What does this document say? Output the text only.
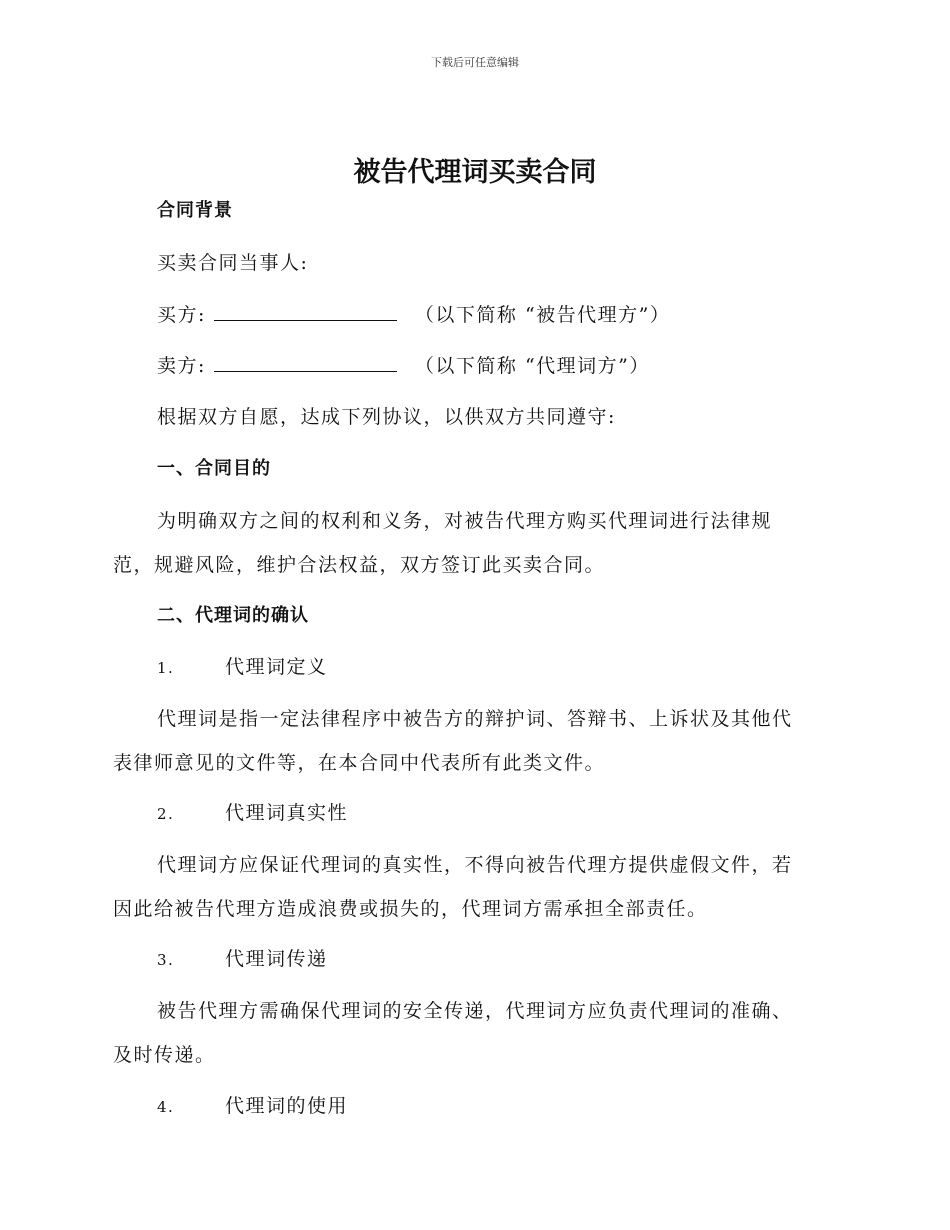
下载后可任意编辑
被告代理词买卖合同
合同背景
买卖合同当事人:
买方:	（以下简称 “被告代理方”）
卖方:	（以下简称 “代理词方”）
根据双方自愿，达成下列协议，以供双方共同遵守:
一、合同目的
为明确双方之间的权利和义务，对被告代理方购买代理词进行法律规
范，规避风险，维护合法权益，双方签订此买卖合同。
二、代理词的确认
1.	代理词定义
代理词是指一定法律程序中被告方的辩护词、答辩书、上诉状及其他代
表律师意见的文件等，在本合同中代表所有此类文件。
2.	代理词真实性
代理词方应保证代理词的真实性，不得向被告代理方提供虚假文件，若
因此给被告代理方造成浪费或损失的，代理词方需承担全部责任。
3.	代理词传递
被告代理方需确保代理词的安全传递，代理词方应负责代理词的准确、
及时传递。
4.	代理词的使用
